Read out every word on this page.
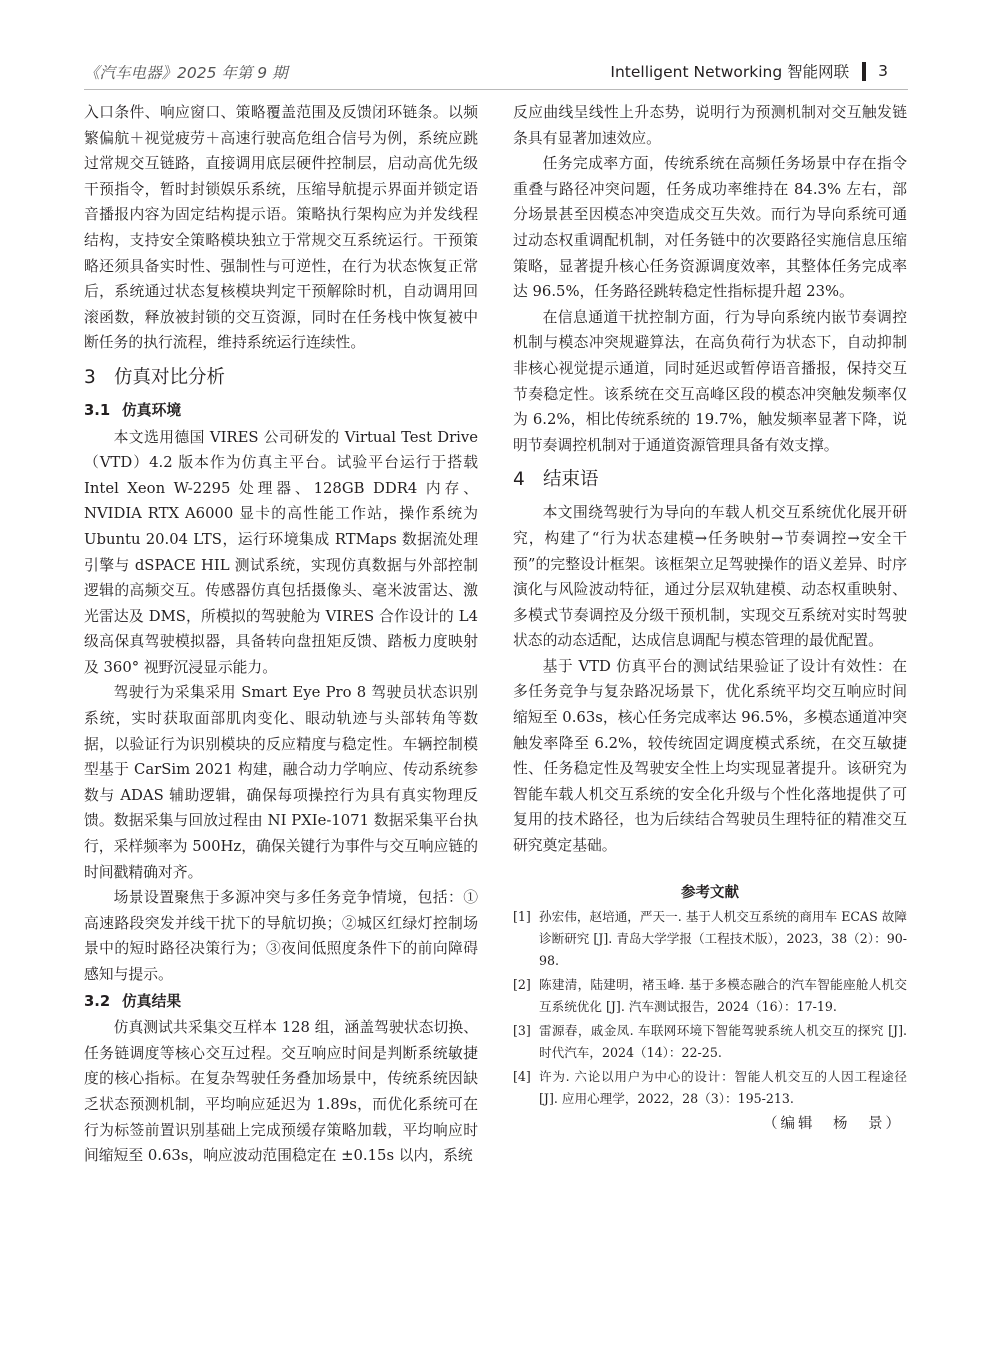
《汽车电器》2025 年第 9 期	Intelligent Networking 智能网联 3

入口条件、响应窗口、策略覆盖范围及反馈闭环链条。以频繁偏航＋视觉疲劳＋高速行驶高危组合信号为例，系统应跳过常规交互链路，直接调用底层硬件控制层，启动高优先级干预指令，暂时封锁娱乐系统，压缩导航提示界面并锁定语音播报内容为固定结构提示语。策略执行架构应为并发线程结构，支持安全策略模块独立于常规交互系统运行。干预策略还须具备实时性、强制性与可逆性，在行为状态恢复正常后，系统通过状态复核模块判定干预解除时机，自动调用回滚函数，释放被封锁的交互资源，同时在任务栈中恢复被中断任务的执行流程，维持系统运行连续性。

3 仿真对比分析
3.1 仿真环境

本文选用德国 VIRES 公司研发的 Virtual Test Drive（VTD）4.2 版本作为仿真主平台。试验平台运行于搭载 Intel Xeon W-2295 处理器、128GB DDR4 内存、NVIDIA RTX A6000 显卡的高性能工作站，操作系统为 Ubuntu 20.04 LTS，运行环境集成 RTMaps 数据流处理引擎与 dSPACE HIL 测试系统，实现仿真数据与外部控制逻辑的高频交互。传感器仿真包括摄像头、毫米波雷达、激光雷达及 DMS，所模拟的驾驶舱为 VIRES 合作设计的 L4 级高保真驾驶模拟器，具备转向盘扭矩反馈、踏板力度映射及 360° 视野沉浸显示能力。

驾驶行为采集采用 Smart Eye Pro 8 驾驶员状态识别系统，实时获取面部肌肉变化、眼动轨迹与头部转角等数据，以验证行为识别模块的反应精度与稳定性。车辆控制模型基于 CarSim 2021 构建，融合动力学响应、传动系统参数与 ADAS 辅助逻辑，确保每项操控行为具有真实物理反馈。数据采集与回放过程由 NI PXIe-1071 数据采集平台执行，采样频率为 500Hz，确保关键行为事件与交互响应链的时间戳精确对齐。

场景设置聚焦于多源冲突与多任务竞争情境，包括：①高速路段突发并线干扰下的导航切换；②城区红绿灯控制场景中的短时路径决策行为；③夜间低照度条件下的前向障碍感知与提示。

3.2 仿真结果

仿真测试共采集交互样本 128 组，涵盖驾驶状态切换、任务链调度等核心交互过程。交互响应时间是判断系统敏捷度的核心指标。在复杂驾驶任务叠加场景中，传统系统因缺乏状态预测机制，平均响应延迟为 1.89s，而优化系统可在行为标签前置识别基础上完成预缓存策略加载，平均响应时间缩短至 0.63s，响应波动范围稳定在 ±0.15s 以内，系统

反应曲线呈线性上升态势，说明行为预测机制对交互触发链条具有显著加速效应。

任务完成率方面，传统系统在高频任务场景中存在指令重叠与路径冲突问题，任务成功率维持在 84.3% 左右，部分场景甚至因模态冲突造成交互失效。而行为导向系统可通过动态权重调配机制，对任务链中的次要路径实施信息压缩策略，显著提升核心任务资源调度效率，其整体任务完成率达 96.5%，任务路径跳转稳定性指标提升超 23%。

在信息通道干扰控制方面，行为导向系统内嵌节奏调控机制与模态冲突规避算法，在高负荷行为状态下，自动抑制非核心视觉提示通道，同时延迟或暂停语音播报，保持交互节奏稳定性。该系统在交互高峰区段的模态冲突触发频率仅为 6.2%，相比传统系统的 19.7%，触发频率显著下降，说明节奏调控机制对于通道资源管理具备有效支撑。

4 结束语

本文围绕驾驶行为导向的车载人机交互系统优化展开研究，构建了“行为状态建模→任务映射→节奏调控→安全干预”的完整设计框架。该框架立足驾驶操作的语义差异、时序演化与风险波动特征，通过分层双轨建模、动态权重映射、多模式节奏调控及分级干预机制，实现交互系统对实时驾驶状态的动态适配，达成信息调配与模态管理的最优配置。

基于 VTD 仿真平台的测试结果验证了设计有效性：在多任务竞争与复杂路况场景下，优化系统平均交互响应时间缩短至 0.63s，核心任务完成率达 96.5%，多模态通道冲突触发率降至 6.2%，较传统固定调度模式系统，在交互敏捷性、任务稳定性及驾驶安全性上均实现显著提升。该研究为智能车载人机交互系统的安全化升级与个性化落地提供了可复用的技术路径，也为后续结合驾驶员生理特征的精准交互研究奠定基础。

参考文献
[1] 孙宏伟，赵培通，严天一. 基于人机交互系统的商用车 ECAS 故障诊断研究 [J]. 青岛大学学报（工程技术版），2023，38（2）：90-98.
[2] 陈建清，陆建明，褚玉峰. 基于多模态融合的汽车智能座舱人机交互系统优化 [J]. 汽车测试报告，2024（16）：17-19.
[3] 雷源春，戚金凤. 车联网环境下智能驾驶系统人机交互的探究 [J]. 时代汽车，2024（14）：22-25.
[4] 许为. 六论以用户为中心的设计：智能人机交互的人因工程途径 [J]. 应用心理学，2022，28（3）：195-213.
（编辑　杨　景）
